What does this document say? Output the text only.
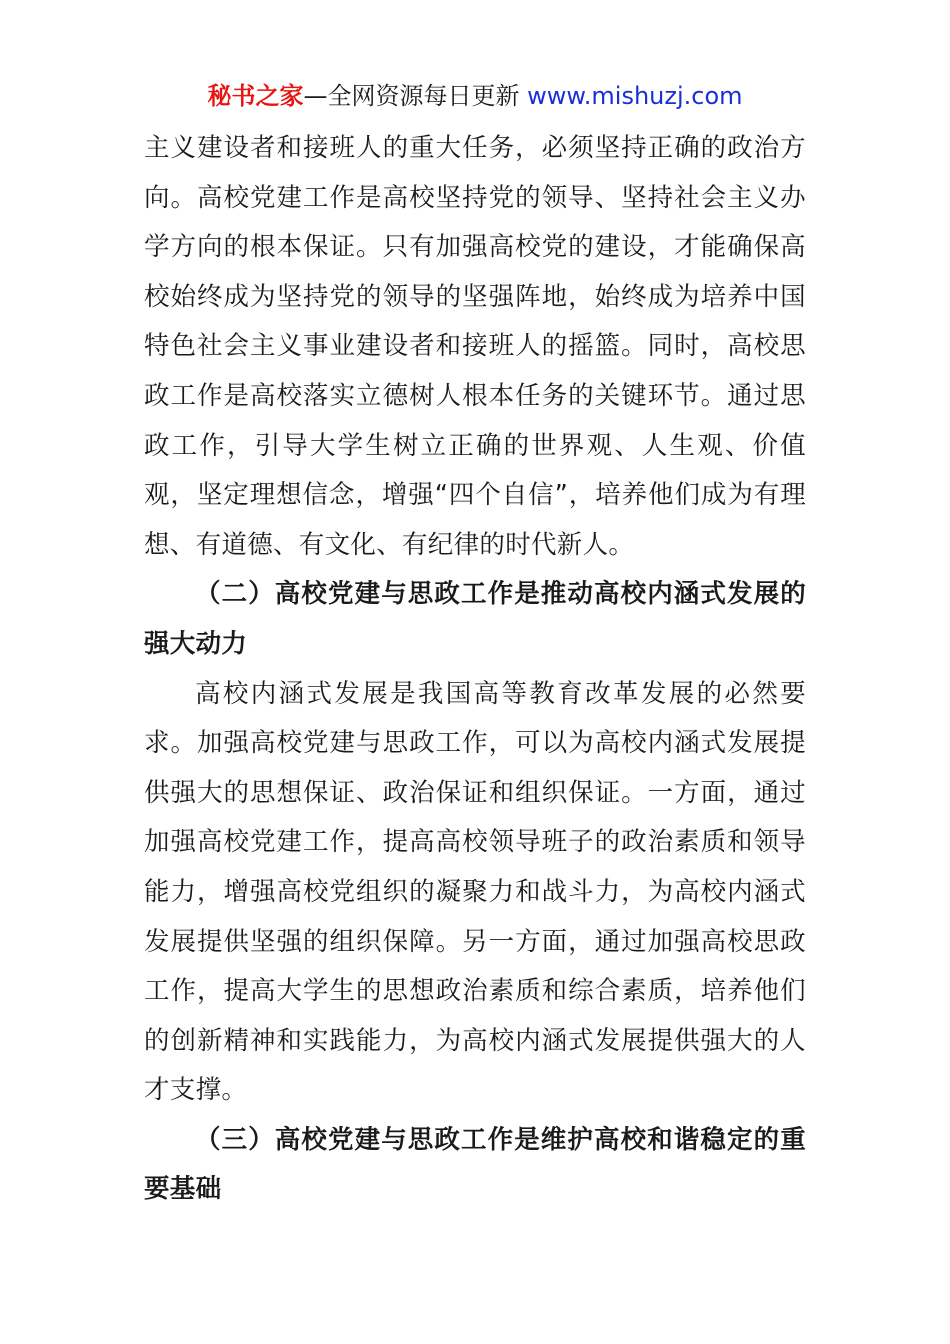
秘书之家—全网资源每日更新 www.mishuzj.com

主义建设者和接班人的重大任务，必须坚持正确的政治方向。高校党建工作是高校坚持党的领导、坚持社会主义办学方向的根本保证。只有加强高校党的建设，才能确保高校始终成为坚持党的领导的坚强阵地，始终成为培养中国特色社会主义事业建设者和接班人的摇篮。同时，高校思政工作是高校落实立德树人根本任务的关键环节。通过思政工作，引导大学生树立正确的世界观、人生观、价值观，坚定理想信念，增强“四个自信”，培养他们成为有理想、有道德、有文化、有纪律的时代新人。

（二）高校党建与思政工作是推动高校内涵式发展的强大动力

高校内涵式发展是我国高等教育改革发展的必然要求。加强高校党建与思政工作，可以为高校内涵式发展提供强大的思想保证、政治保证和组织保证。一方面，通过加强高校党建工作，提高高校领导班子的政治素质和领导能力，增强高校党组织的凝聚力和战斗力，为高校内涵式发展提供坚强的组织保障。另一方面，通过加强高校思政工作，提高大学生的思想政治素质和综合素质，培养他们的创新精神和实践能力，为高校内涵式发展提供强大的人才支撑。

（三）高校党建与思政工作是维护高校和谐稳定的重要基础
